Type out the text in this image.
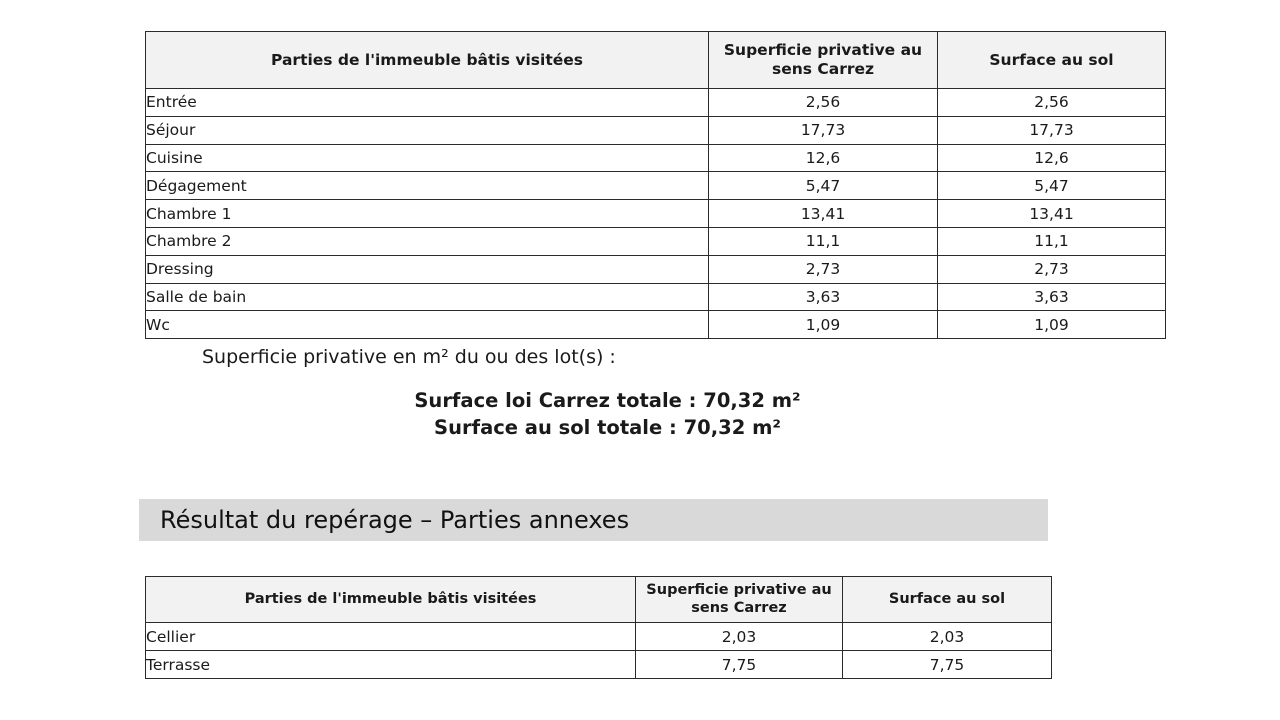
Parties de l'immeuble bâtis visitées	Superficie privative au sens Carrez	Surface au sol
Entrée	2,56	2,56
Séjour	17,73	17,73
Cuisine	12,6	12,6
Dégagement	5,47	5,47
Chambre 1	13,41	13,41
Chambre 2	11,1	11,1
Dressing	2,73	2,73
Salle de bain	3,63	3,63
Wc	1,09	1,09
Superficie privative en m² du ou des lot(s) :
Surface loi Carrez totale : 70,32 m²
Surface au sol totale : 70,32 m²
Résultat du repérage – Parties annexes
Parties de l'immeuble bâtis visitées	Superficie privative au sens Carrez	Surface au sol
Cellier	2,03	2,03
Terrasse	7,75	7,75
